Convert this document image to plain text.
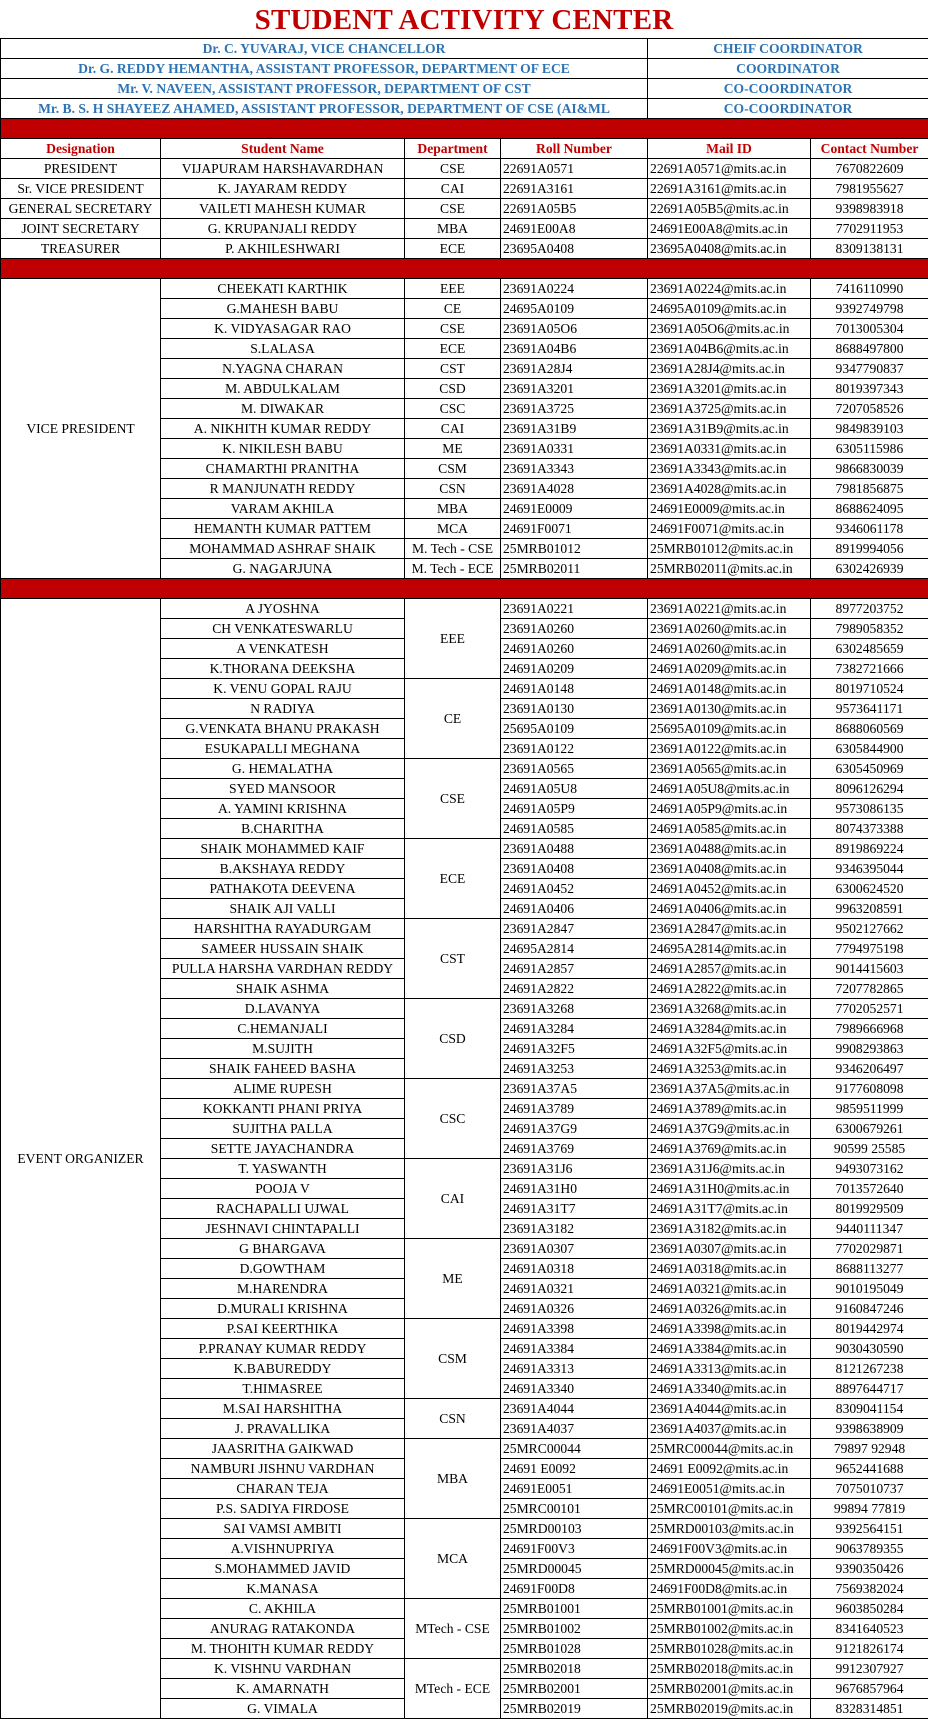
STUDENT ACTIVITY CENTER
Dr. C. YUVARAJ, VICE CHANCELLOR				CHEIF COORDINATOR	
Dr. G. REDDY HEMANTHA, ASSISTANT PROFESSOR, DEPARTMENT OF ECE				COORDINATOR	
Mr. V. NAVEEN, ASSISTANT PROFESSOR, DEPARTMENT OF CST				CO-COORDINATOR	
Mr. B. S. H SHAYEEZ AHAMED, ASSISTANT PROFESSOR, DEPARTMENT OF CSE (AI&ML				CO-COORDINATOR	

Designation	Student Name	Department	Roll Number	Mail ID	Contact Number
PRESIDENT	VIJAPURAM HARSHAVARDHAN	CSE	22691A0571	22691A0571@mits.ac.in	7670822609
Sr. VICE PRESIDENT	K. JAYARAM REDDY	CAI	22691A3161	22691A3161@mits.ac.in	7981955627
GENERAL SECRETARY	VAILETI MAHESH KUMAR	CSE	22691A05B5	22691A05B5@mits.ac.in	9398983918
JOINT SECRETARY	G. KRUPANJALI REDDY	MBA	24691E00A8	24691E00A8@mits.ac.in	7702911953
TREASURER	P. AKHILESHWARI	ECE	23695A0408	23695A0408@mits.ac.in	8309138131

VICE PRESIDENT	CHEEKATI KARTHIK	EEE	23691A0224	23691A0224@mits.ac.in	7416110990
	G.MAHESH BABU	CE	24695A0109	24695A0109@mits.ac.in	9392749798
	K. VIDYASAGAR RAO	CSE	23691A05O6	23691A05O6@mits.ac.in	7013005304
	S.LALASA	ECE	23691A04B6	23691A04B6@mits.ac.in	8688497800
	N.YAGNA CHARAN	CST	23691A28J4	23691A28J4@mits.ac.in	9347790837
	M. ABDULKALAM	CSD	23691A3201	23691A3201@mits.ac.in	8019397343
	M. DIWAKAR	CSC	23691A3725	23691A3725@mits.ac.in	7207058526
	A. NIKHITH KUMAR REDDY	CAI	23691A31B9	23691A31B9@mits.ac.in	9849839103
	K. NIKILESH BABU	ME	23691A0331	23691A0331@mits.ac.in	6305115986
	CHAMARTHI PRANITHA	CSM	23691A3343	23691A3343@mits.ac.in	9866830039
	R MANJUNATH REDDY	CSN	23691A4028	23691A4028@mits.ac.in	7981856875
	VARAM AKHILA	MBA	24691E0009	24691E0009@mits.ac.in	8688624095
	HEMANTH KUMAR PATTEM	MCA	24691F0071	24691F0071@mits.ac.in	9346061178
	MOHAMMAD ASHRAF SHAIK	M. Tech - CSE	25MRB01012	25MRB01012@mits.ac.in	8919994056
	G. NAGARJUNA	M. Tech - ECE	25MRB02011	25MRB02011@mits.ac.in	6302426939

EVENT ORGANIZER	A JYOSHNA	EEE	23691A0221	23691A0221@mits.ac.in	8977203752
	CH VENKATESWARLU		23691A0260	23691A0260@mits.ac.in	7989058352
	A VENKATESH		24691A0260	24691A0260@mits.ac.in	6302485659
	K.THORANA DEEKSHA		24691A0209	24691A0209@mits.ac.in	7382721666
	K. VENU GOPAL RAJU	CE	24691A0148	24691A0148@mits.ac.in	8019710524
	N RADIYA		23691A0130	23691A0130@mits.ac.in	9573641171
	G.VENKATA BHANU PRAKASH		25695A0109	25695A0109@mits.ac.in	8688060569
	ESUKAPALLI MEGHANA		23691A0122	23691A0122@mits.ac.in	6305844900
	G. HEMALATHA	CSE	23691A0565	23691A0565@mits.ac.in	6305450969
	SYED MANSOOR		24691A05U8	24691A05U8@mits.ac.in	8096126294
	A. YAMINI KRISHNA		24691A05P9	24691A05P9@mits.ac.in	9573086135
	B.CHARITHA		24691A0585	24691A0585@mits.ac.in	8074373388
	SHAIK MOHAMMED KAIF	ECE	23691A0488	23691A0488@mits.ac.in	8919869224
	B.AKSHAYA REDDY		23691A0408	23691A0408@mits.ac.in	9346395044
	PATHAKOTA DEEVENA		24691A0452	24691A0452@mits.ac.in	6300624520
	SHAIK AJI VALLI		24691A0406	24691A0406@mits.ac.in	9963208591
	HARSHITHA RAYADURGAM	CST	23691A2847	23691A2847@mits.ac.in	9502127662
	SAMEER HUSSAIN SHAIK		24695A2814	24695A2814@mits.ac.in	7794975198
	PULLA HARSHA VARDHAN REDDY		24691A2857	24691A2857@mits.ac.in	9014415603
	SHAIK ASHMA		24691A2822	24691A2822@mits.ac.in	7207782865
	D.LAVANYA	CSD	23691A3268	23691A3268@mits.ac.in	7702052571
	C.HEMANJALI		24691A3284	24691A3284@mits.ac.in	7989666968
	M.SUJITH		24691A32F5	24691A32F5@mits.ac.in	9908293863
	SHAIK FAHEED BASHA		24691A3253	24691A3253@mits.ac.in	9346206497
	ALIME RUPESH	CSC	23691A37A5	23691A37A5@mits.ac.in	9177608098
	KOKKANTI PHANI PRIYA		24691A3789	24691A3789@mits.ac.in	9859511999
	SUJITHA PALLA		24691A37G9	24691A37G9@mits.ac.in	6300679261
	SETTE JAYACHANDRA		24691A3769	24691A3769@mits.ac.in	90599 25585
	T. YASWANTH	CAI	23691A31J6	23691A31J6@mits.ac.in	9493073162
	POOJA V		24691A31H0	24691A31H0@mits.ac.in	7013572640
	RACHAPALLI UJWAL		24691A31T7	24691A31T7@mits.ac.in	8019929509
	JESHNAVI CHINTAPALLI		23691A3182	23691A3182@mits.ac.in	9440111347
	G BHARGAVA	ME	23691A0307	23691A0307@mits.ac.in	7702029871
	D.GOWTHAM		24691A0318	24691A0318@mits.ac.in	8688113277
	M.HARENDRA		24691A0321	24691A0321@mits.ac.in	9010195049
	D.MURALI KRISHNA		24691A0326	24691A0326@mits.ac.in	9160847246
	P.SAI KEERTHIKA	CSM	24691A3398	24691A3398@mits.ac.in	8019442974
	P.PRANAY KUMAR REDDY		24691A3384	24691A3384@mits.ac.in	9030430590
	K.BABUREDDY		24691A3313	24691A3313@mits.ac.in	8121267238
	T.HIMASREE		24691A3340	24691A3340@mits.ac.in	8897644717
	M.SAI HARSHITHA	CSN	23691A4044	23691A4044@mits.ac.in	8309041154
	J. PRAVALLIKA		23691A4037	23691A4037@mits.ac.in	9398638909
	JAASRITHA GAIKWAD	MBA	25MRC00044	25MRC00044@mits.ac.in	79897 92948
	NAMBURI JISHNU VARDHAN		24691 E0092	24691 E0092@mits.ac.in	9652441688
	CHARAN TEJA		24691E0051	24691E0051@mits.ac.in	7075010737
	P.S. SADIYA FIRDOSE		25MRC00101	25MRC00101@mits.ac.in	99894 77819
	SAI VAMSI AMBITI	MCA	25MRD00103	25MRD00103@mits.ac.in	9392564151
	A.VISHNUPRIYA		24691F00V3	24691F00V3@mits.ac.in	9063789355
	S.MOHAMMED JAVID		25MRD00045	25MRD00045@mits.ac.in	9390350426
	K.MANASA		24691F00D8	24691F00D8@mits.ac.in	7569382024
	C. AKHILA	MTech - CSE	25MRB01001	25MRB01001@mits.ac.in	9603850284
	ANURAG RATAKONDA		25MRB01002	25MRB01002@mits.ac.in	8341640523
	M. THOHITH KUMAR REDDY		25MRB01028	25MRB01028@mits.ac.in	9121826174
	K. VISHNU VARDHAN	MTech - ECE	25MRB02018	25MRB02018@mits.ac.in	9912307927
	K. AMARNATH		25MRB02001	25MRB02001@mits.ac.in	9676857964
	G. VIMALA		25MRB02019	25MRB02019@mits.ac.in	8328314851
